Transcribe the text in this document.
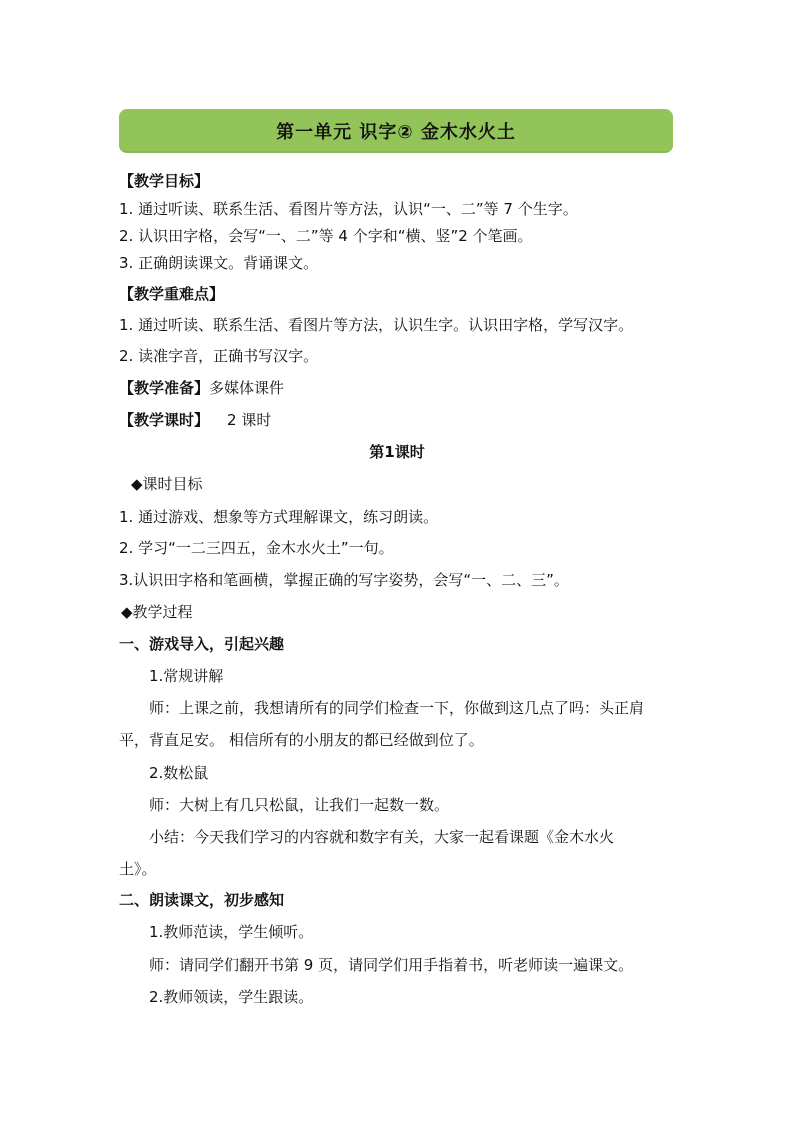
第一单元 识字② 金木水火土
【教学目标】
1. 通过听读、联系生活、看图片等方法，认识“一、二”等 7 个生字。
2. 认识田字格，会写“一、二”等 4 个字和“横、竖”2 个笔画。
3. 正确朗读课文。背诵课文。
【教学重难点】
1. 通过听读、联系生活、看图片等方法，认识生字。认识田字格，学写汉字。
2. 读准字音，正确书写汉字。
【教学准备】多媒体课件
【教学课时】 2 课时
第1课时
◆课时目标
1. 通过游戏、想象等方式理解课文，练习朗读。
2. 学习“一二三四五，金木水火土”一句。
3.认识田字格和笔画横，掌握正确的写字姿势，会写“一、二、三”。
◆教学过程
一、游戏导入，引起兴趣
1.常规讲解
师：上课之前，我想请所有的同学们检查一下，你做到这几点了吗：头正肩
平，背直足安。 相信所有的小朋友的都已经做到位了。
2.数松鼠
师：大树上有几只松鼠，让我们一起数一数。
小结：今天我们学习的内容就和数字有关，大家一起看课题《金木水火
土》。
二、朗读课文，初步感知
1.教师范读，学生倾听。
师：请同学们翻开书第 9 页，请同学们用手指着书，听老师读一遍课文。
2.教师领读，学生跟读。
